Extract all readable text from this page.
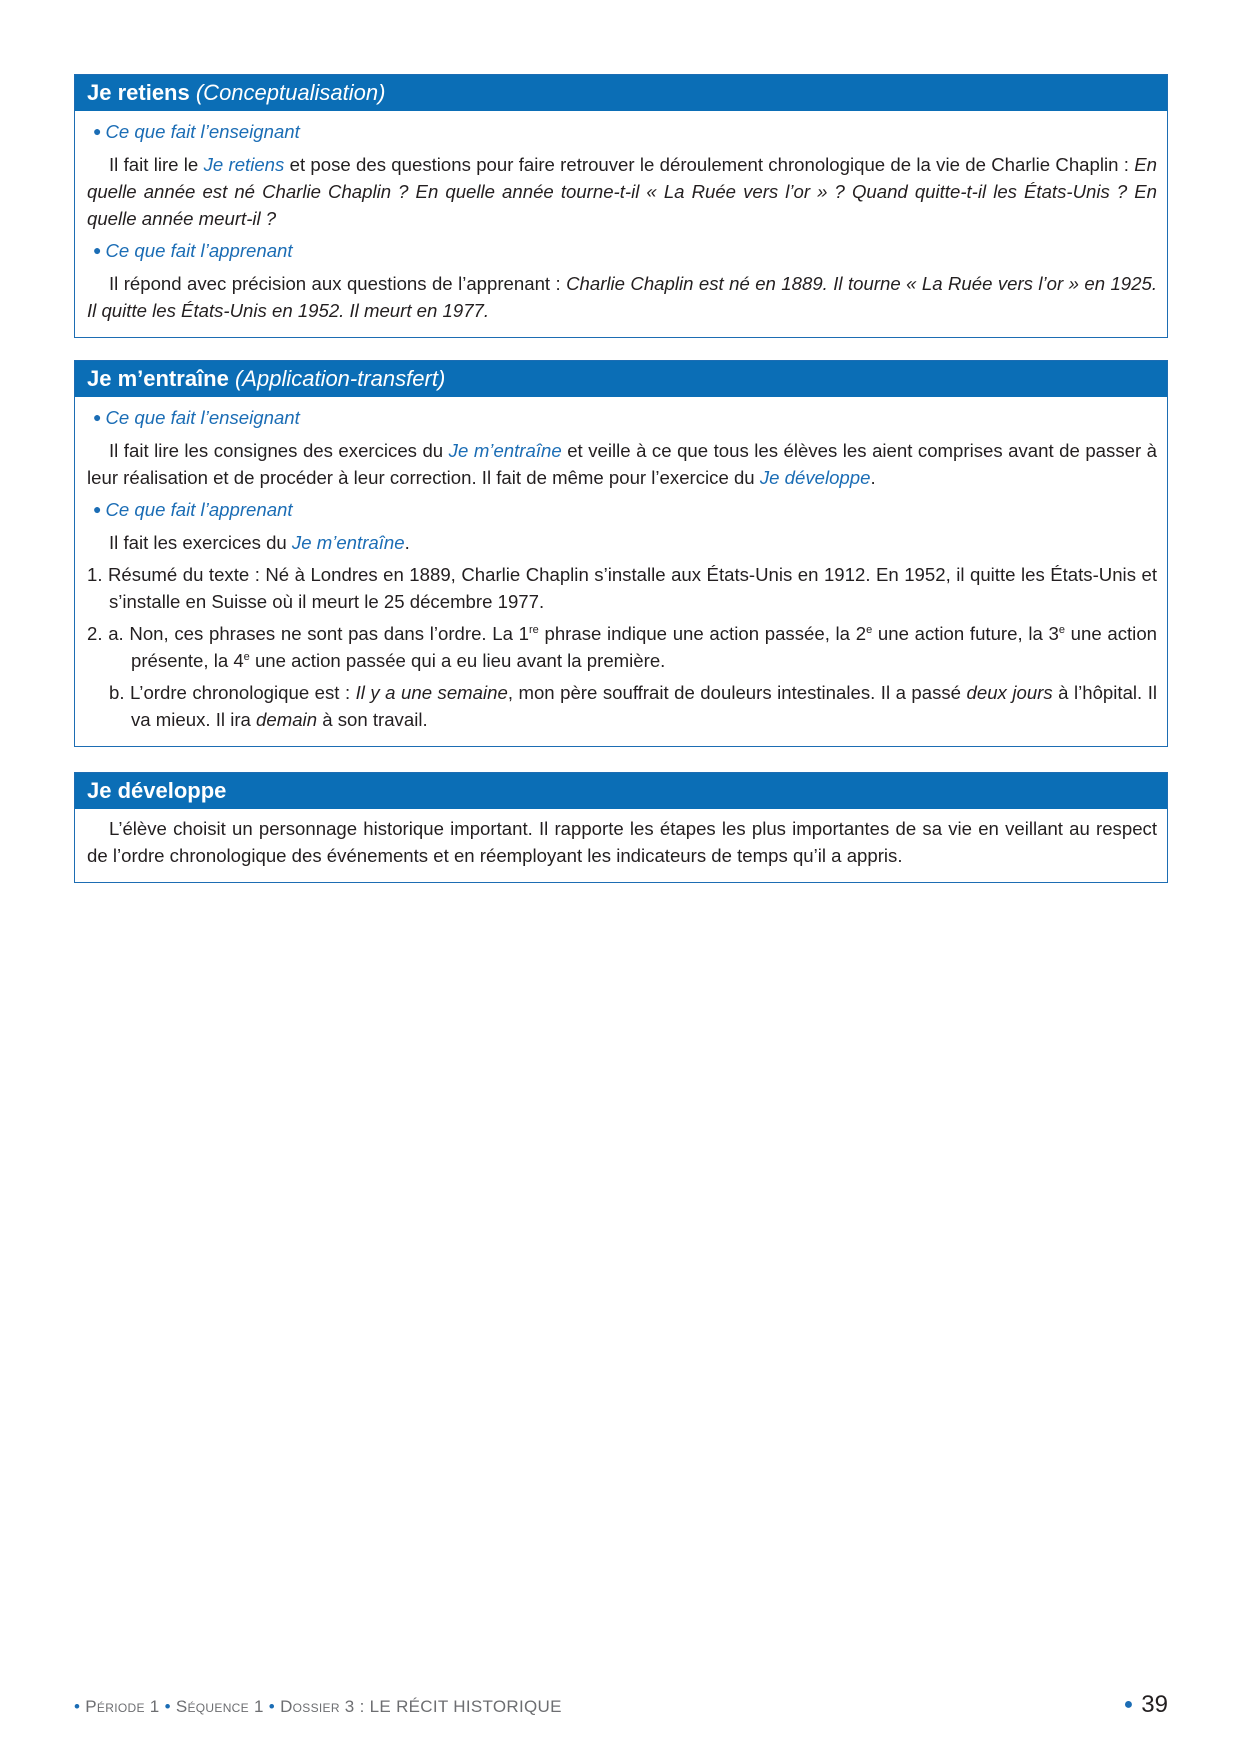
Je retiens (Conceptualisation)
● Ce que fait l’enseignant

Il fait lire le Je retiens et pose des questions pour faire retrouver le déroulement chronologique de la vie de Charlie Chaplin : En quelle année est né Charlie Chaplin ? En quelle année tourne-t-il « La Ruée vers l’or » ? Quand quitte-t-il les États-Unis ? En quelle année meurt-il ?

● Ce que fait l’apprenant

Il répond avec précision aux questions de l’apprenant : Charlie Chaplin est né en 1889. Il tourne « La Ruée vers l’or » en 1925. Il quitte les États-Unis en 1952. Il meurt en 1977.

Je m’entraîne (Application-transfert)
● Ce que fait l’enseignant

Il fait lire les consignes des exercices du Je m’entraîne et veille à ce que tous les élèves les aient comprises avant de passer à leur réalisation et de procéder à leur correction. Il fait de même pour l’exercice du Je développe.

● Ce que fait l’apprenant

Il fait les exercices du Je m’entraîne.

1. Résumé du texte : Né à Londres en 1889, Charlie Chaplin s’installe aux États-Unis en 1912. En 1952, il quitte les États-Unis et s’installe en Suisse où il meurt le 25 décembre 1977.
2. a. Non, ces phrases ne sont pas dans l’ordre. La 1re phrase indique une action passée, la 2e une action future, la 3e une action présente, la 4e une action passée qui a eu lieu avant la première.
b. L’ordre chronologique est : Il y a une semaine, mon père souffrait de douleurs intestinales. Il a passé deux jours à l’hôpital. Il va mieux. Il ira demain à son travail.
Je développe

L’élève choisit un personnage historique important. Il rapporte les étapes les plus importantes de sa vie en veillant au respect de l’ordre chronologique des événements et en réemployant les indicateurs de temps qu’il a appris.

• Période 1 • Séquence 1 • Dossier 3 : LE RÉCIT HISTORIQUE	● 39
